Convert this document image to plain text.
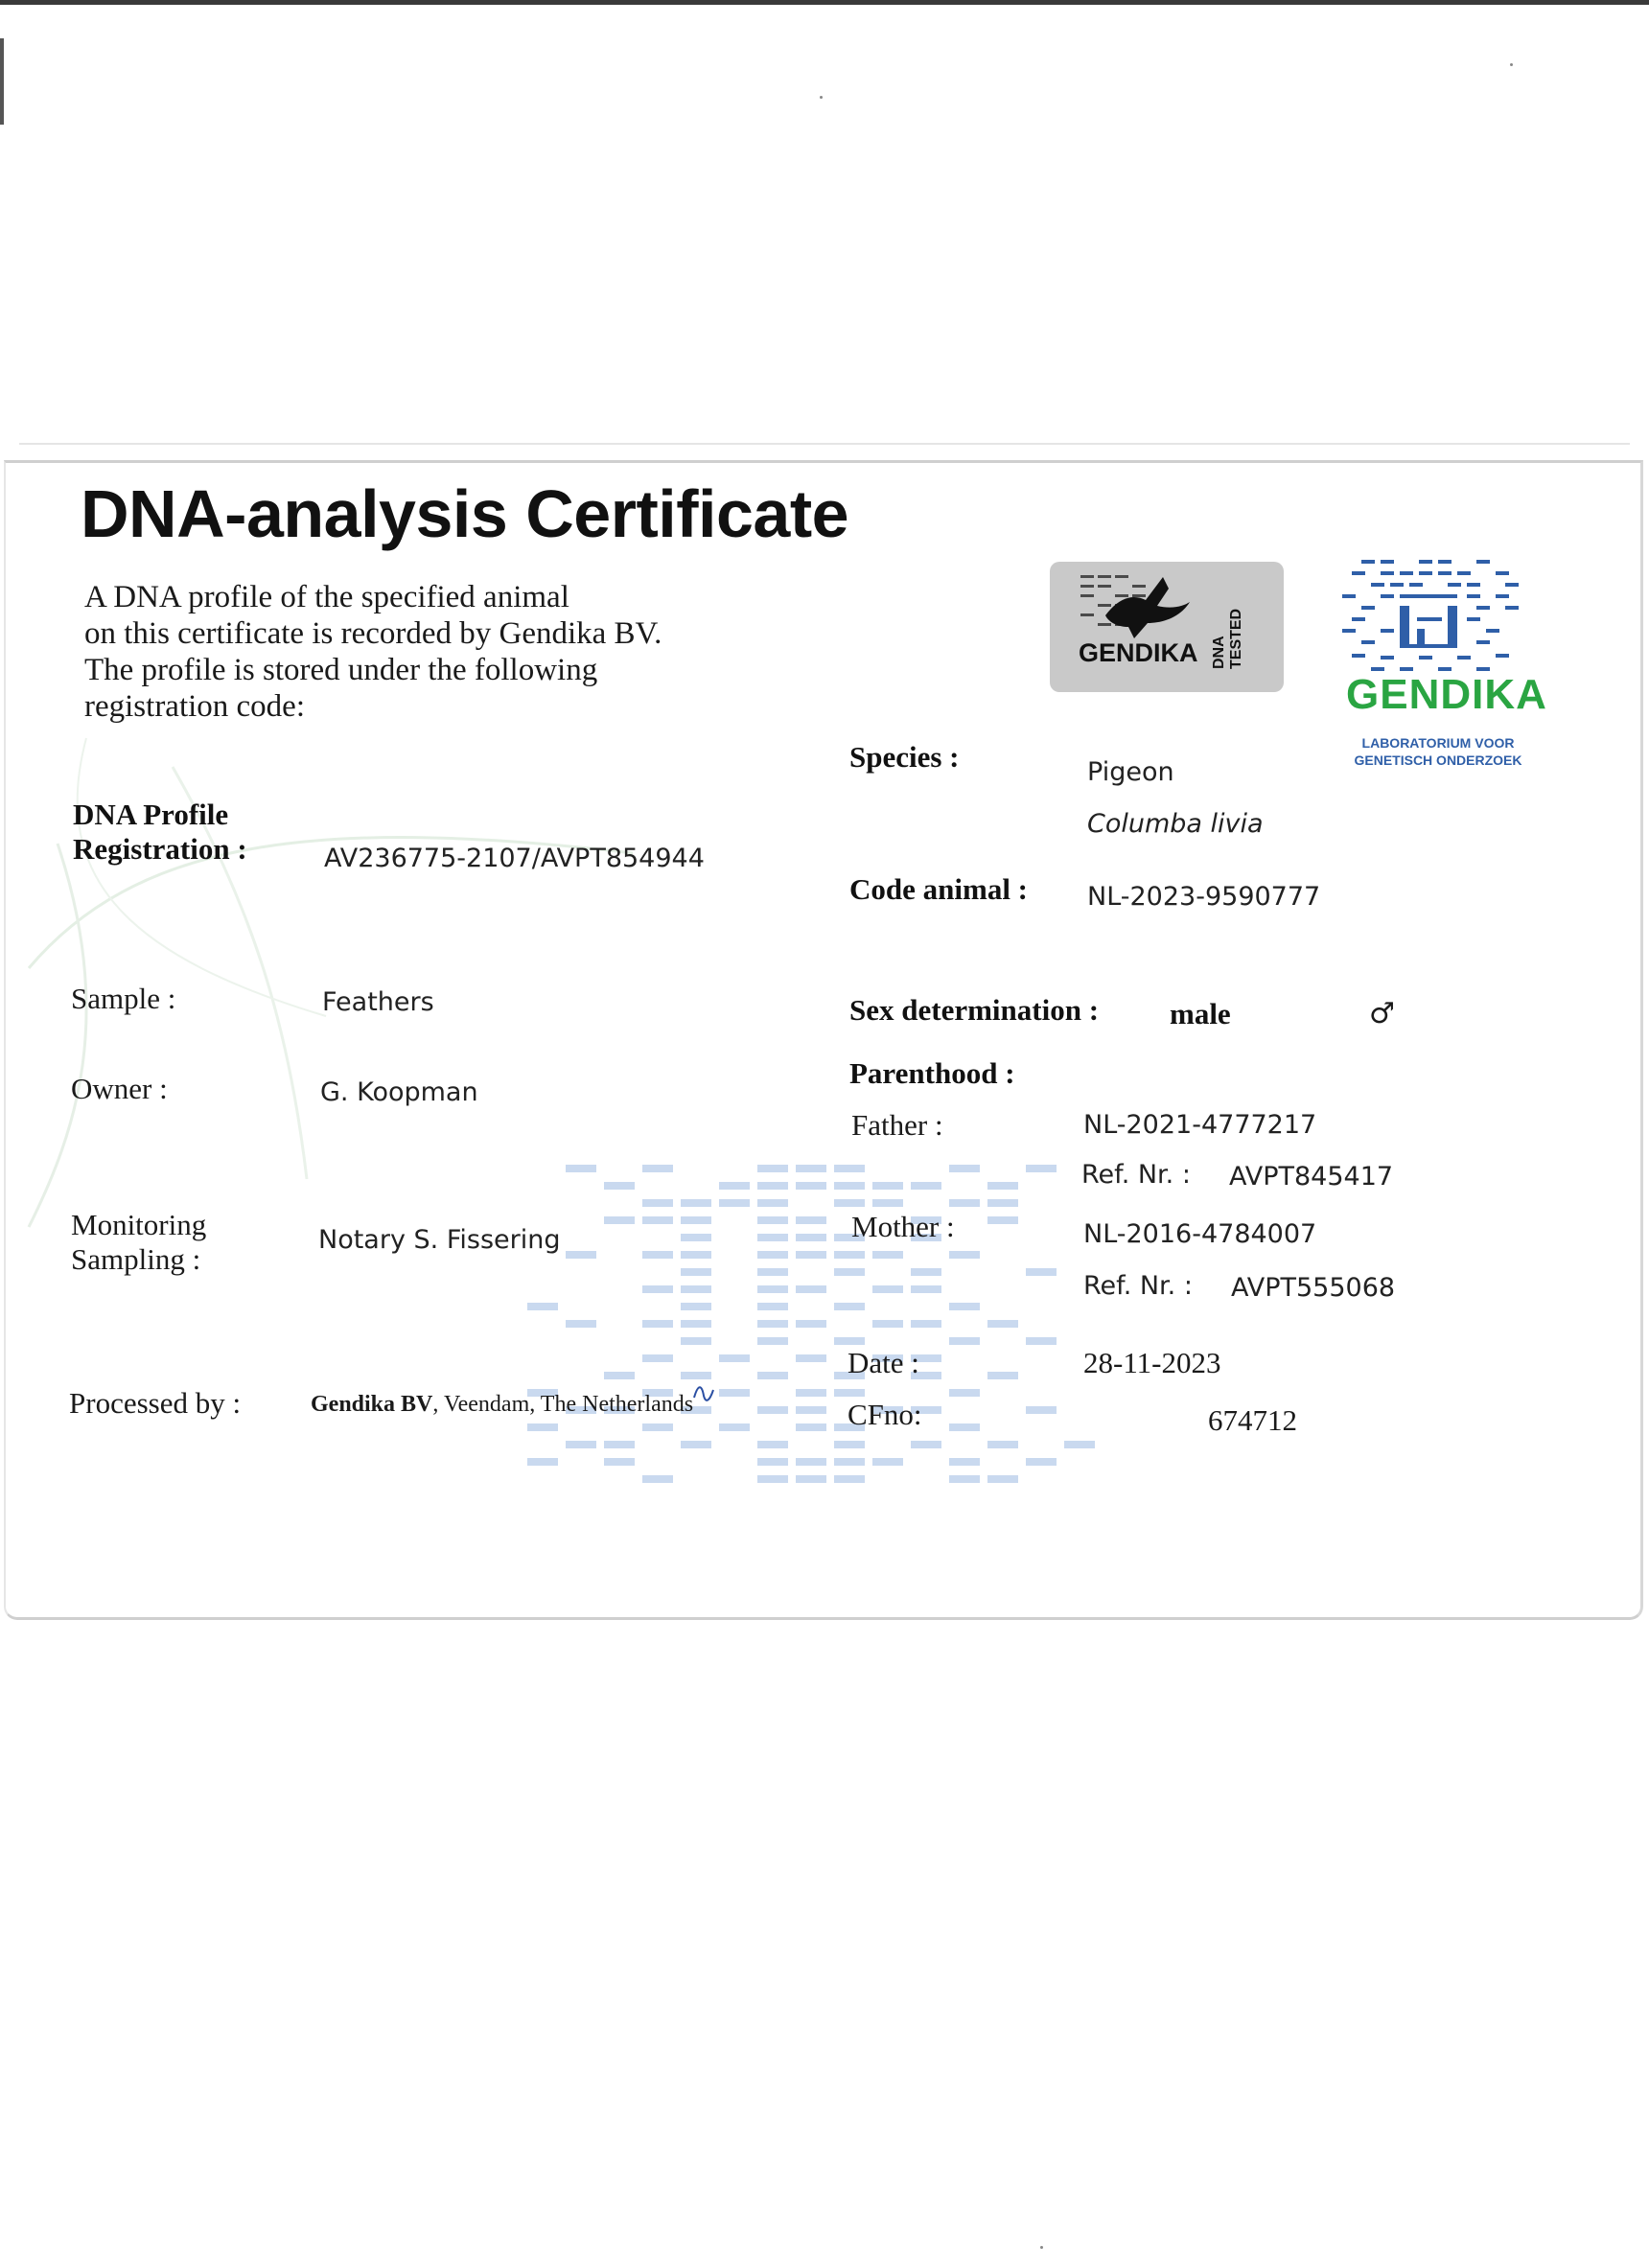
DNA-analysis Certificate
A DNA profile of the specified animal
on this certificate is recorded by Gendika BV.
The profile is stored under the following
registration code:
GENDIKA DNA TESTED
GENDIKA
LABORATORIUM VOOR
GENETISCH ONDERZOEK
DNA Profile
Registration :	AV236775-2107/AVPT854944
Sample :	Feathers
Owner :	G. Koopman
Monitoring
Sampling :
Notary S. Fissering
Processed by :	Gendika BV, Veendam, The Netherlands
Species :	Pigeon
Columba livia
Code animal : NL-2023-9590777
Sex determination : male	♂
Parenthood :
Father :	NL-2021-4777217
Ref. Nr. : AVPT845417
Mother :	NL-2016-4784007
Ref. Nr. : AVPT555068
Date :	28-11-2023
CFno:	674712
